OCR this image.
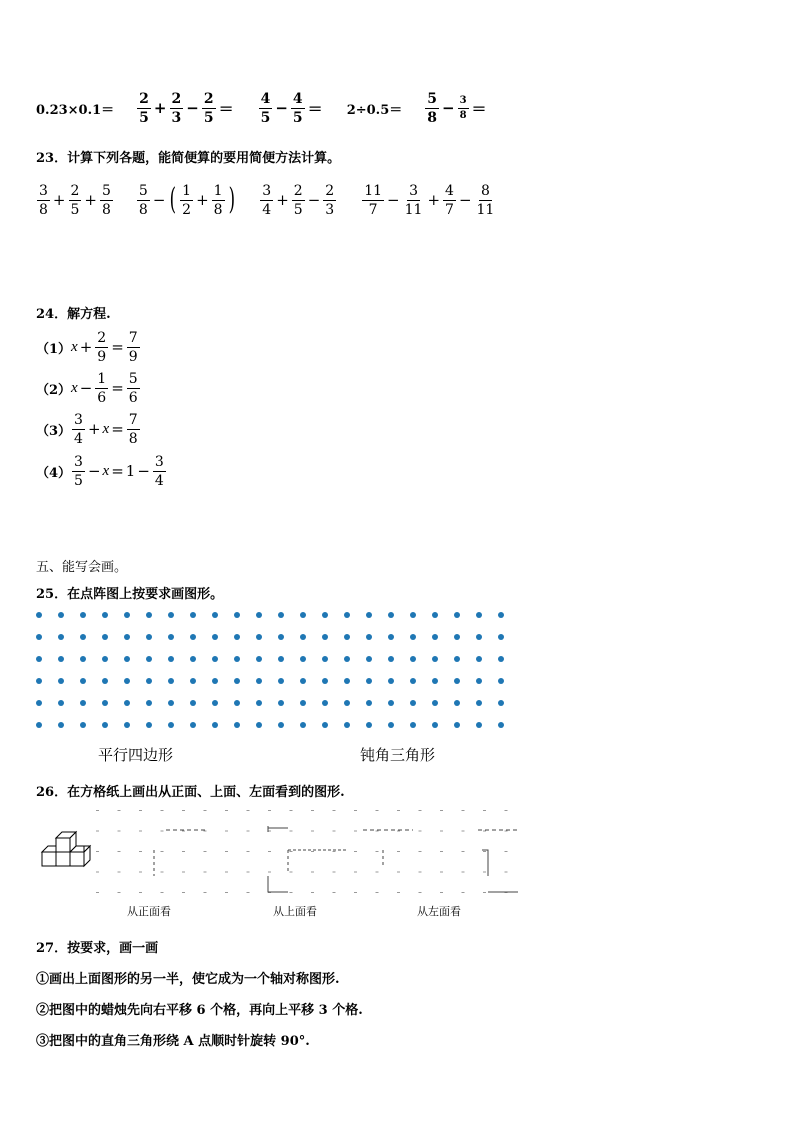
$0.23\times 0.1= \frac{2}{5} + \frac{2}{3} - \frac{2}{5} = \frac{4}{5} - \frac{4}{5} = 2\div 0.5= \frac{5}{8} - \frac{3}{8}$ ＝
23．计算下列各题，能简便算的要用简便方法计算。
$\frac{3}{8} + \frac{2}{5} + \frac{5}{8} \frac{5}{8}$ − ( $\frac{1}{2} + \frac{1}{8}$ ) $\frac{3}{4} + \frac{2}{5} - \frac{2}{3} \frac{11}{7} - \frac{3}{11} + \frac{4}{7} - \frac{8}{11}$
24．解方程.
（1） $x + \frac{2}{9} = \frac{7}{9}$
（2） $x - \frac{1}{6} = \frac{5}{6}$
$(3) \frac{3}{4} + x = \frac{7}{8}$
$(4) \frac{3}{5} - x = 1 - \frac{3}{4}$
五、能写会画。
25．在点阵图上按要求画图形。
平行四边形	钝角三角形
26．在方格纸上画出从正面、上面、左面看到的图形.
从正面看	从上面看	从左面看
27．按要求，画一画
①画出上面图形的另一半，使它成为一个轴对称图形.
②把图中的蜡烛先向右平移 6 个格，再向上平移 3 个格.
③把图中的直角三角形绕 A 点顺时针旋转 90°.
